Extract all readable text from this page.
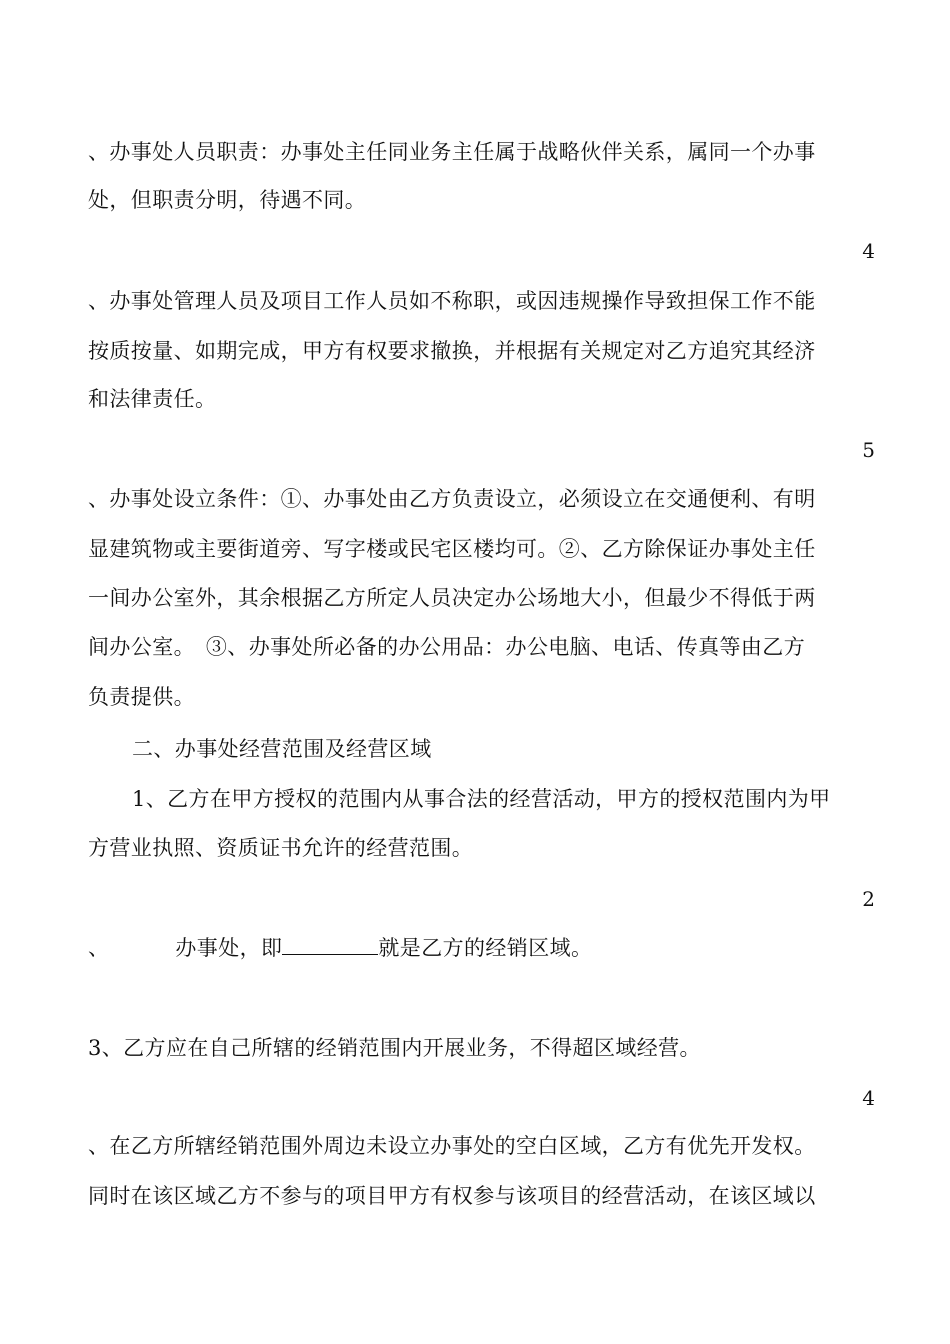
、办事处人员职责：办事处主任同业务主任属于战略伙伴关系，属同一个办事
处，但职责分明，待遇不同。
4
、办事处管理人员及项目工作人员如不称职，或因违规操作导致担保工作不能
按质按量、如期完成，甲方有权要求撤换，并根据有关规定对乙方追究其经济
和法律责任。
5
、办事处设立条件：①、办事处由乙方负责设立，必须设立在交通便利、有明
显建筑物或主要街道旁、写字楼或民宅区楼均可。②、乙方除保证办事处主任
一间办公室外，其余根据乙方所定人员决定办公场地大小，但最少不得低于两
间办公室。　③、办事处所必备的办公用品：办公电脑、电话、传真等由乙方
负责提供。
二、办事处经营范围及经营区域
1、乙方在甲方授权的范围内从事合法的经营活动，甲方的授权范围内为甲
方营业执照、资质证书允许的经营范围。
2
、	办事处，即	就是乙方的经销区域。
3、乙方应在自己所辖的经销范围内开展业务，不得超区域经营。
4
、在乙方所辖经销范围外周边未设立办事处的空白区域，乙方有优先开发权。
同时在该区域乙方不参与的项目甲方有权参与该项目的经营活动，在该区域以
